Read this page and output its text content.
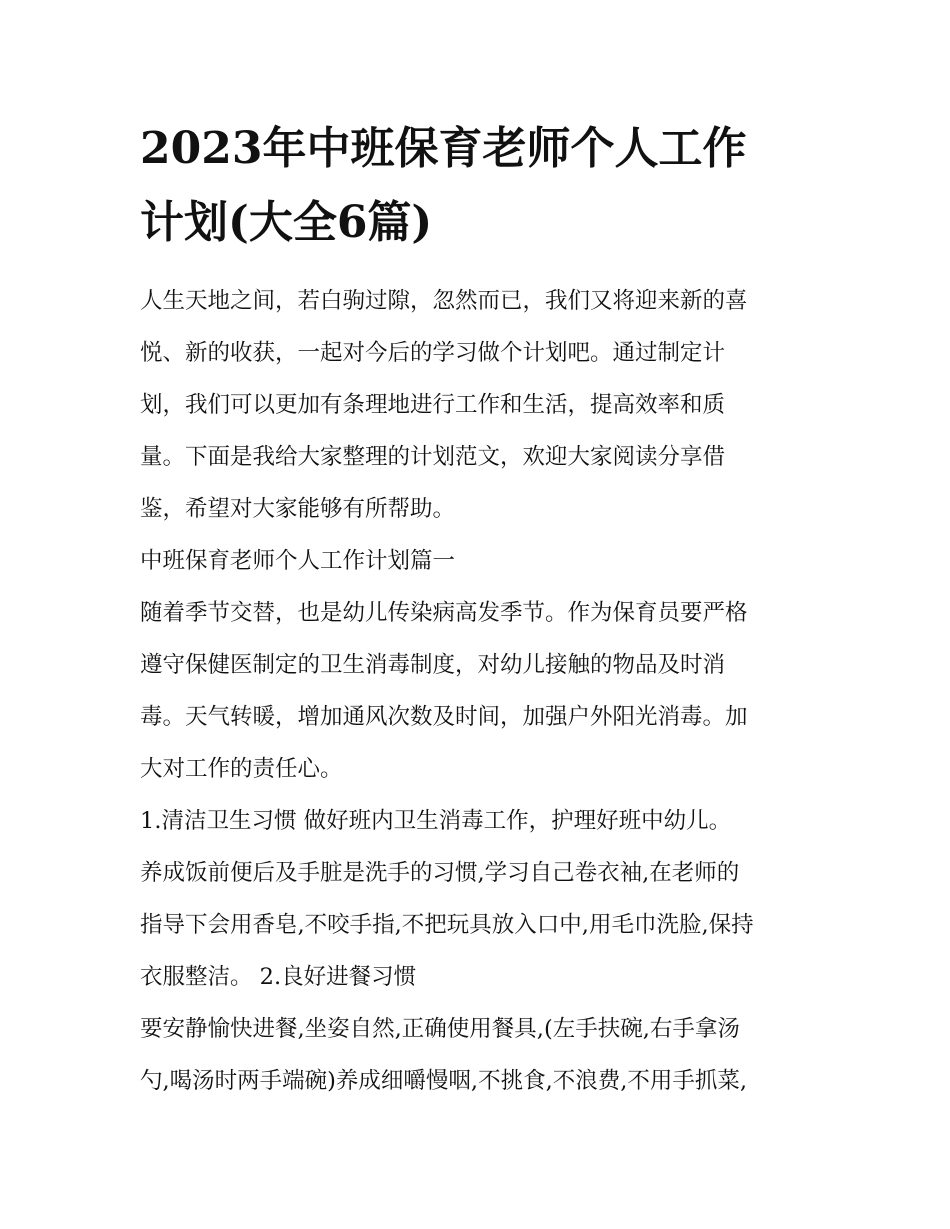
2023年中班保育老师个人工作
计划(大全6篇)
人生天地之间，若白驹过隙，忽然而已，我们又将迎来新的喜
悦、新的收获，一起对今后的学习做个计划吧。通过制定计
划，我们可以更加有条理地进行工作和生活，提高效率和质
量。下面是我给大家整理的计划范文，欢迎大家阅读分享借
鉴，希望对大家能够有所帮助。
中班保育老师个人工作计划篇一
随着季节交替，也是幼儿传染病高发季节。作为保育员要严格
遵守保健医制定的卫生消毒制度，对幼儿接触的物品及时消
毒。天气转暖，增加通风次数及时间，加强户外阳光消毒。加
大对工作的责任心。
1.清洁卫生习惯 做好班内卫生消毒工作，护理好班中幼儿。
养成饭前便后及手脏是洗手的习惯,学习自己卷衣袖,在老师的
指导下会用香皂,不咬手指,不把玩具放入口中,用毛巾洗脸,保持
衣服整洁。 2.良好进餐习惯
要安静愉快进餐,坐姿自然,正确使用餐具,(左手扶碗,右手拿汤
勺,喝汤时两手端碗)养成细嚼慢咽,不挑食,不浪费,不用手抓菜,
